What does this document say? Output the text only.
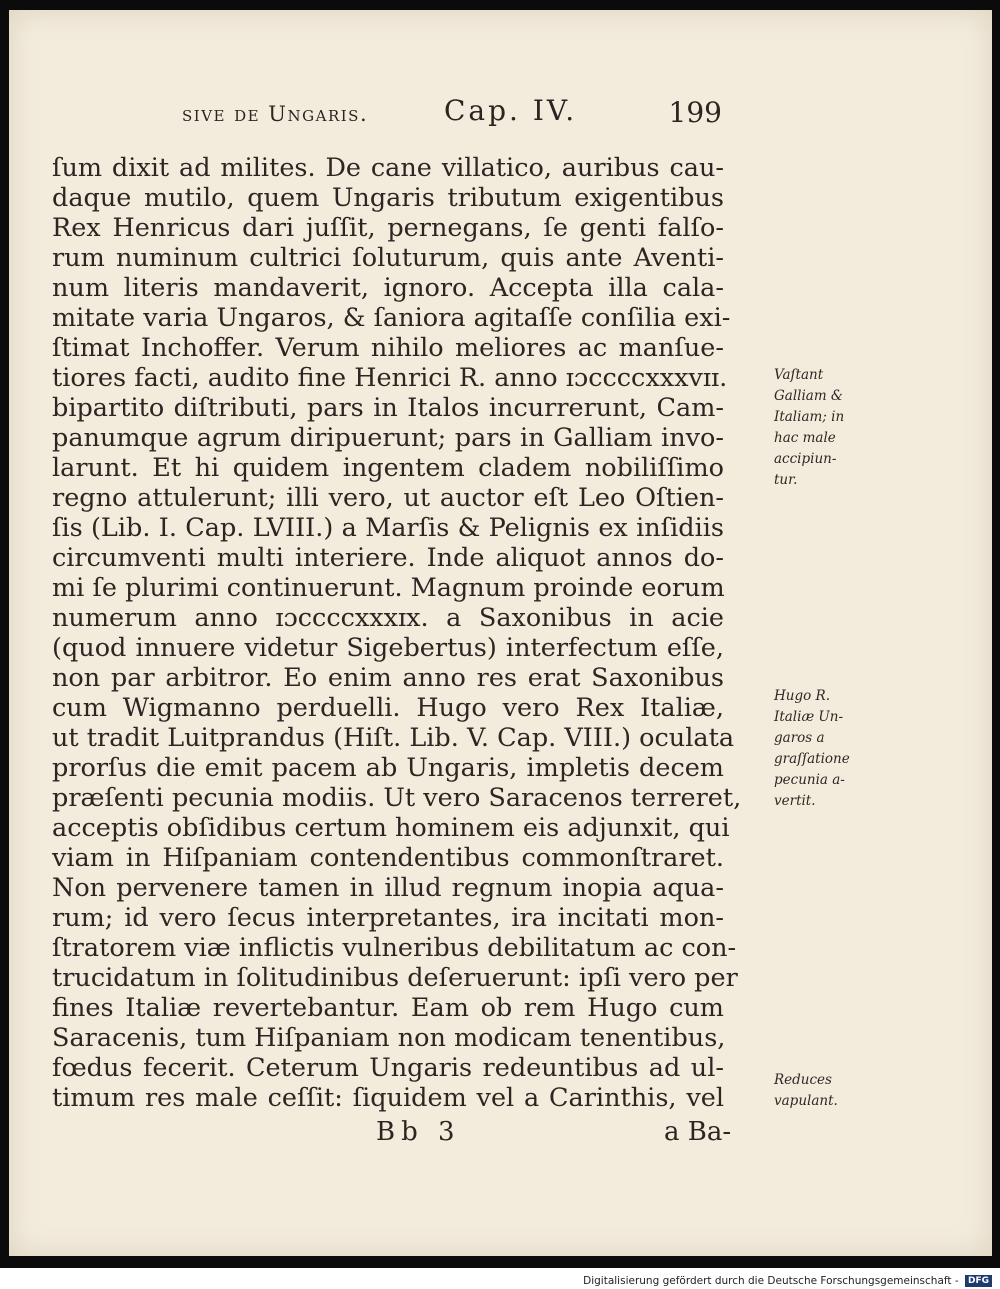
sive de Ungaris.	Cap. IV.	199
ſum dixit ad milites. De cane villatico, auribus cau-
daque mutilo, quem Ungaris tributum exigentibus
Rex Henricus dari juſſit, pernegans, ſe genti falſo-
rum numinum cultrici ſoluturum, quis ante Aventi-
num literis mandaverit, ignoro. Accepta illa cala-
mitate varia Ungaros, & ſaniora agitaſſe conſilia exi-
ſtimat Inchoffer. Verum nihilo meliores ac manſue-
tiores facti, audito fine Henrici R. anno ɪɔccccxxxvɪɪ.
bipartito diſtributi, pars in Italos incurrerunt, Cam-
panumque agrum diripuerunt; pars in Galliam invo-
larunt. Et hi quidem ingentem cladem nobiliſſimo
regno attulerunt; illi vero, ut auctor eſt Leo Oſtien-
ſis (Lib. I. Cap. LVIII.) a Marſis & Pelignis ex inſidiis
circumventi multi interiere. Inde aliquot annos do-
mi ſe plurimi continuerunt. Magnum proinde eorum
numerum anno ɪɔccccxxxɪx. a Saxonibus in acie
(quod innuere videtur Sigebertus) interfectum eſſe,
non par arbitror. Eo enim anno res erat Saxonibus
cum Wigmanno perduelli. Hugo vero Rex Italiæ,
ut tradit Luitprandus (Hiſt. Lib. V. Cap. VIII.) oculata
prorſus die emit pacem ab Ungaris, impletis decem
præſenti pecunia modiis. Ut vero Saracenos terreret,
acceptis obſidibus certum hominem eis adjunxit, qui
viam in Hiſpaniam contendentibus commonſtraret.
Non pervenere tamen in illud regnum inopia aqua-
rum; id vero ſecus interpretantes, ira incitati mon-
ſtratorem viæ inflictis vulneribus debilitatum ac con-
trucidatum in ſolitudinibus deſeruerunt: ipſi vero per
fines Italiæ revertebantur. Eam ob rem Hugo cum
Saracenis, tum Hiſpaniam non modicam tenentibus,
fœdus fecerit. Ceterum Ungaris redeuntibus ad ul-
timum res male ceſſit: ſiquidem vel a Carinthis, vel
Vaſtant
Galliam &
Italiam; in
hac male
accipiun-
tur.
Hugo R.
Italiæ Un-
garos a
graſſatione
pecunia a-
vertit.
Reduces
vapulant.
Bb 3	a Ba-
Digitalisierung gefördert durch die Deutsche Forschungsgemeinschaft - DFG
